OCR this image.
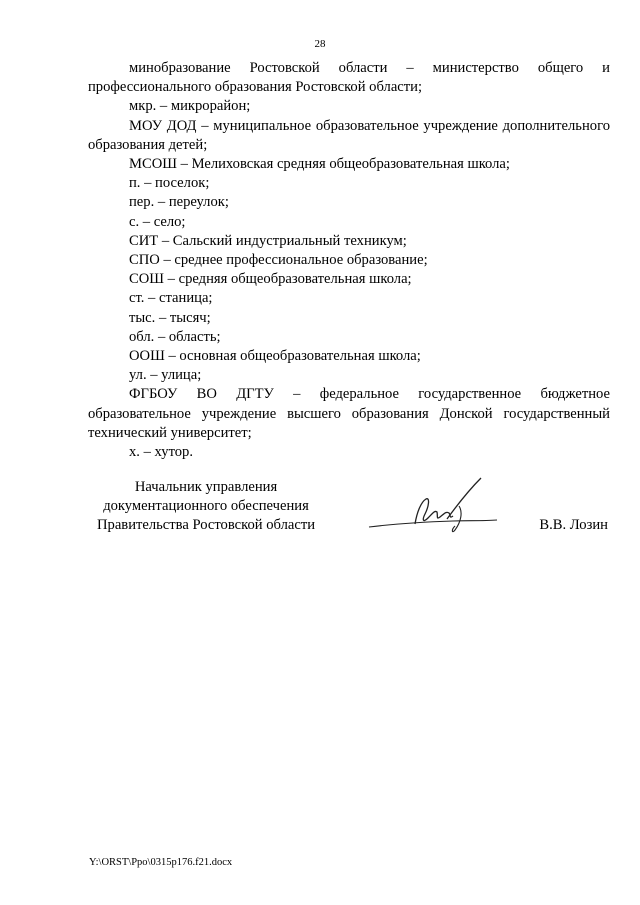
28

минобразование Ростовской области – министерство общего и профессионального образования Ростовской области;

мкр. – микрорайон;

МОУ ДОД – муниципальное образовательное учреждение дополнительного образования детей;

МСОШ – Мелиховская средняя общеобразовательная школа;

п. – поселок;

пер. – переулок;

с. – село;

СИТ – Сальский индустриальный техникум;

СПО – среднее профессиональное образование;

СОШ – средняя общеобразовательная школа;

ст. – станица;

тыс. – тысяч;

обл. – область;

ООШ – основная общеобразовательная школа;

ул. – улица;

ФГБОУ ВО ДГТУ – федеральное государственное бюджетное образовательное учреждение высшего образования Донской государственный технический университет;

х. – хутор.

Начальник управления
документационного обеспечения
Правительства Ростовской области	В.В. Лозин
Y:\ORST\Ppo\0315p176.f21.docx
